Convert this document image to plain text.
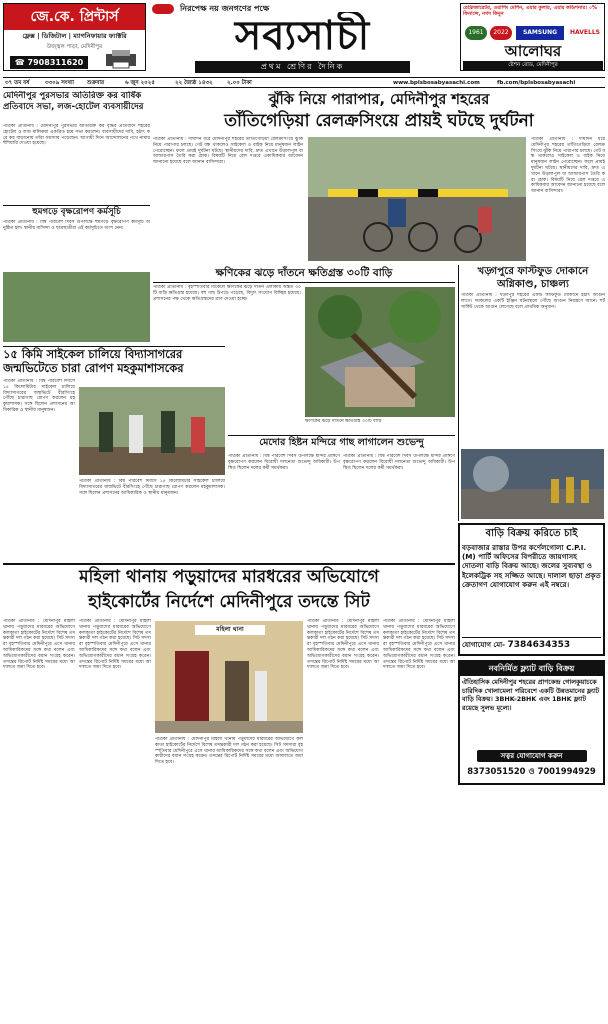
জে.কে. প্রিন্টার্স
ফ্লেক্স | ডিজিটাল | ম্যাগনিফায়ার ফ্যাক্টরি
উজ্জ্বল পাড়া, মেদিনীপুর
☎ 7908311620
নিরপেক্ষ নয় জনগণের পক্ষে
সব্যসাচী
প্রথম শ্রেণির দৈনিক
রেফ্রিজারেটর, ওয়াশিং মেশিন, এয়ার কুলার, এয়ার কন্ডিশনার। ০% ফিনান্সে, নগদ কিনুন
1961	2022	SAMSUNG	HAVELLS
আলোঘর
ষ্টেশন রোড, মেদিনীপুর
৩৭ তম বর্ষ	৩৩০৯ সংখ্যা	শুক্রবার	৬ জুন ২০২৫	২২ জ্যৈষ্ঠ ১৪৩২	২.০০ টাকা	www.bplsbosabyasachi.com	fb.com/bplsbosabyasachi
মেদিনীপুর পুরসভার অতিরিক্ত কর বার্ষিক প্রতিবাদে সভা, লজ-হোটেল ব্যবসায়ীদের
পত্রিকা প্রতিনিধি : মেদিনীপুর পুরসভার অতিরিক্ত কর বৃদ্ধির প্রতিবাদে শহরের হোটেল ও লজ মালিকরা একত্রিত হয়ে সভা করলেন। ব্যবসায়ীদের দাবি, হঠাৎ করে কর বাড়ানোয় তাঁরা সমস্যায় পড়েছেন। আগামী দিনে আন্দোলনের পথে নামার হুঁশিয়ারি দেওয়া হয়েছে।
হুমগড়ে বৃক্ষরোপণ কর্মসূচি
পত্রিকা প্রতিনিধি : বিশ্ব পরিবেশ দিবস উপলক্ষে হুমগড়ে বৃক্ষরোপণ কর্মসূচি অনুষ্ঠিত হল। স্থানীয় বাসিন্দা ও ছাত্রছাত্রীরা এই কর্মসূচিতে অংশ নেন।
ঝুঁকি নিয়ে পারাপার, মেদিনীপুর শহরের
তাঁতিগেড়িয়া রেলক্রসিংয়ে প্রায়ই ঘটছে দুর্ঘটনা
পত্রিকা প্রতিনিধি : দীর্ঘদিন ধরে মেদিনীপুর শহরের তাঁতিগেড়িয়া রেলক্রসিংয়ে ঝুঁকি নিয়ে পারাপার চলছে। গেট বন্ধ থাকলেও সাইকেল ও বাইক নিয়ে মানুষজন লাইন পেরোচ্ছেন। ফলে প্রায়ই দুর্ঘটনা ঘটছে। স্থানীয়দের দাবি, দ্রুত এখানে উড়ালপুল বা আন্ডারপাস তৈরি করা হোক। বিষয়টি নিয়ে রেল দপ্তরে একাধিকবার আবেদন জানানো হয়েছে বলে জানান বাসিন্দারা।
পত্রিকা প্রতিনিধি : দীর্ঘদিন ধরে মেদিনীপুর শহরের তাঁতিগেড়িয়া রেলক্রসিংয়ে ঝুঁকি নিয়ে পারাপার চলছে। গেট বন্ধ থাকলেও সাইকেল ও বাইক নিয়ে মানুষজন লাইন পেরোচ্ছেন। ফলে প্রায়ই দুর্ঘটনা ঘটছে। স্থানীয়দের দাবি, দ্রুত এখানে উড়ালপুল বা আন্ডারপাস তৈরি করা হোক। বিষয়টি নিয়ে রেল দপ্তরে একাধিকবার আবেদন জানানো হয়েছে বলে জানান বাসিন্দারা।
ক্ষণিকের ঝড়ে দাঁতনে ক্ষতিগ্রস্ত ৩০টি বাড়ি
পত্রিকা প্রতিনিধি : বৃহস্পতিবার বিকেলে ক্ষণিকের ঝড়ে দাঁতন এলাকায় অন্তত ৩০টি বাড়ি ক্ষতিগ্রস্ত হয়েছে। বহু গাছ উপড়ে পড়েছে, বিদ্যুৎ সংযোগ বিচ্ছিন্ন হয়েছে। প্রশাসনের পক্ষ থেকে ক্ষতিগ্রস্তদের ত্রাণ দেওয়া হচ্ছে।
ক্ষণিকের ঝড়ে দাঁতনে ক্ষতিগ্রস্ত ৩০টি বাড়ি
খড়্গপুরে ফাস্টফুড দোকানে অগ্নিকাণ্ড, চাঞ্চল্য
পত্রিকা প্রতিনিধি : খড়্গপুর শহরের একটি ফাস্টফুড দোকানে হঠাৎ আগুন লাগে। দমকলের একটি ইঞ্জিন ঘটনাস্থলে পৌঁছে আগুন নিয়ন্ত্রণে আনে। শর্ট সার্কিট থেকে আগুন লেগেছে বলে প্রাথমিক অনুমান।
১৫ কিমি সাইকেল চালিয়ে বিদ্যাসাগরের জন্মভিটেতে চারা রোপণ মহকুমাশাসকের
পত্রিকা প্রতিনিধি : বিশ্ব পরিবেশ দিবসে ১৫ কিলোমিটার সাইকেল চালিয়ে বিদ্যাসাগরের জন্মভিটে বীরসিংহে পৌঁছে চারাগাছ রোপণ করলেন মহকুমাশাসক। সঙ্গে ছিলেন প্রশাসনের আধিকারিক ও স্থানীয় মানুষজন।
পত্রিকা প্রতিনিধি : বিশ্ব পরিবেশ দিবসে ১৫ কিলোমিটার সাইকেল চালিয়ে বিদ্যাসাগরের জন্মভিটে বীরসিংহে পৌঁছে চারাগাছ রোপণ করলেন মহকুমাশাসক। সঙ্গে ছিলেন প্রশাসনের আধিকারিক ও স্থানীয় মানুষজন।
মেদোর হিষ্টন মন্দিরে গাছ লাগালেন শুভেন্দু
পত্রিকা প্রতিনিধি : বিশ্ব পরিবেশ দিবস উপলক্ষে মন্দির প্রাঙ্গণে বৃক্ষরোপণ করলেন বিরোধী দলনেতা শুভেন্দু অধিকারী। উপস্থিত ছিলেন দলের কর্মী সমর্থকরা।
পত্রিকা প্রতিনিধি : বিশ্ব পরিবেশ দিবস উপলক্ষে মন্দির প্রাঙ্গণে বৃক্ষরোপণ করলেন বিরোধী দলনেতা শুভেন্দু অধিকারী। উপস্থিত ছিলেন দলের কর্মী সমর্থকরা।
বাড়ি বিক্রয় করিতে চাই
বড়বাজার রাস্তার উপর কর্ণেলগোলা C.P.I. (M) পার্টি অফিসের বিপরীতে জায়গাসহ দোতলা বাড়ি বিক্রয় আছে। জলের সুব্যবস্থা ও ইলেকট্রিক সহ সজ্জিত আছে। দালাল ছাড়া প্রকৃত ক্রেতাগণ যোগাযোগ করুন এই নম্বরে।
যোগাযোগ মো- 7384634353
মহিলা থানায় পড়ুয়াদের মারধরের অভিযোগে
হাইকোর্টের নির্দেশে মেদিনীপুরে তদন্তে সিট
পত্রিকা প্রতিনিধি : মেদিনীপুর মহিলা থানায় পড়ুয়াদের মারধরের অভিযোগে কলকাতা হাইকোর্টের নির্দেশে বিশেষ তদন্তকারী দল গঠন করা হয়েছে। সিট সদস্যরা বৃহস্পতিবার মেদিনীপুরে এসে থানার আধিকারিকদের সঙ্গে কথা বলেন এবং অভিযোগকারীদের বয়ান সংগ্রহ করেন। তদন্তের রিপোর্ট নির্দিষ্ট সময়ের মধ্যে আদালতে জমা দিতে হবে।
পত্রিকা প্রতিনিধি : মেদিনীপুর মহিলা থানায় পড়ুয়াদের মারধরের অভিযোগে কলকাতা হাইকোর্টের নির্দেশে বিশেষ তদন্তকারী দল গঠন করা হয়েছে। সিট সদস্যরা বৃহস্পতিবার মেদিনীপুরে এসে থানার আধিকারিকদের সঙ্গে কথা বলেন এবং অভিযোগকারীদের বয়ান সংগ্রহ করেন। তদন্তের রিপোর্ট নির্দিষ্ট সময়ের মধ্যে আদালতে জমা দিতে হবে।
মহিলা থানা
পত্রিকা প্রতিনিধি : মেদিনীপুর মহিলা থানায় পড়ুয়াদের মারধরের অভিযোগে কলকাতা হাইকোর্টের নির্দেশে বিশেষ তদন্তকারী দল গঠন করা হয়েছে। সিট সদস্যরা বৃহস্পতিবার মেদিনীপুরে এসে থানার আধিকারিকদের সঙ্গে কথা বলেন এবং অভিযোগকারীদের বয়ান সংগ্রহ করেন। তদন্তের রিপোর্ট নির্দিষ্ট সময়ের মধ্যে আদালতে জমা দিতে হবে।
পত্রিকা প্রতিনিধি : মেদিনীপুর মহিলা থানায় পড়ুয়াদের মারধরের অভিযোগে কলকাতা হাইকোর্টের নির্দেশে বিশেষ তদন্তকারী দল গঠন করা হয়েছে। সিট সদস্যরা বৃহস্পতিবার মেদিনীপুরে এসে থানার আধিকারিকদের সঙ্গে কথা বলেন এবং অভিযোগকারীদের বয়ান সংগ্রহ করেন। তদন্তের রিপোর্ট নির্দিষ্ট সময়ের মধ্যে আদালতে জমা দিতে হবে।
পত্রিকা প্রতিনিধি : মেদিনীপুর মহিলা থানায় পড়ুয়াদের মারধরের অভিযোগে কলকাতা হাইকোর্টের নির্দেশে বিশেষ তদন্তকারী দল গঠন করা হয়েছে। সিট সদস্যরা বৃহস্পতিবার মেদিনীপুরে এসে থানার আধিকারিকদের সঙ্গে কথা বলেন এবং অভিযোগকারীদের বয়ান সংগ্রহ করেন। তদন্তের রিপোর্ট নির্দিষ্ট সময়ের মধ্যে আদালতে জমা দিতে হবে।	নবনির্মিত ফ্ল্যাট বাড়ি বিক্রয়
ঐতিহাসিক মেদিনীপুর শহরের প্রাণকেন্দ্র গোলকুয়াচকে চারিদিক খোলামেলা পরিবেশে একটি উন্নতমানের ফ্ল্যাট বাড়ি বিক্রয়। 3BHK-2BHK এবং 1BHK ফ্ল্যাট রয়েছে সুলভ মূল্যে।
সত্বর যোগাযোগ করুন
8373051520 ও 7001994929
